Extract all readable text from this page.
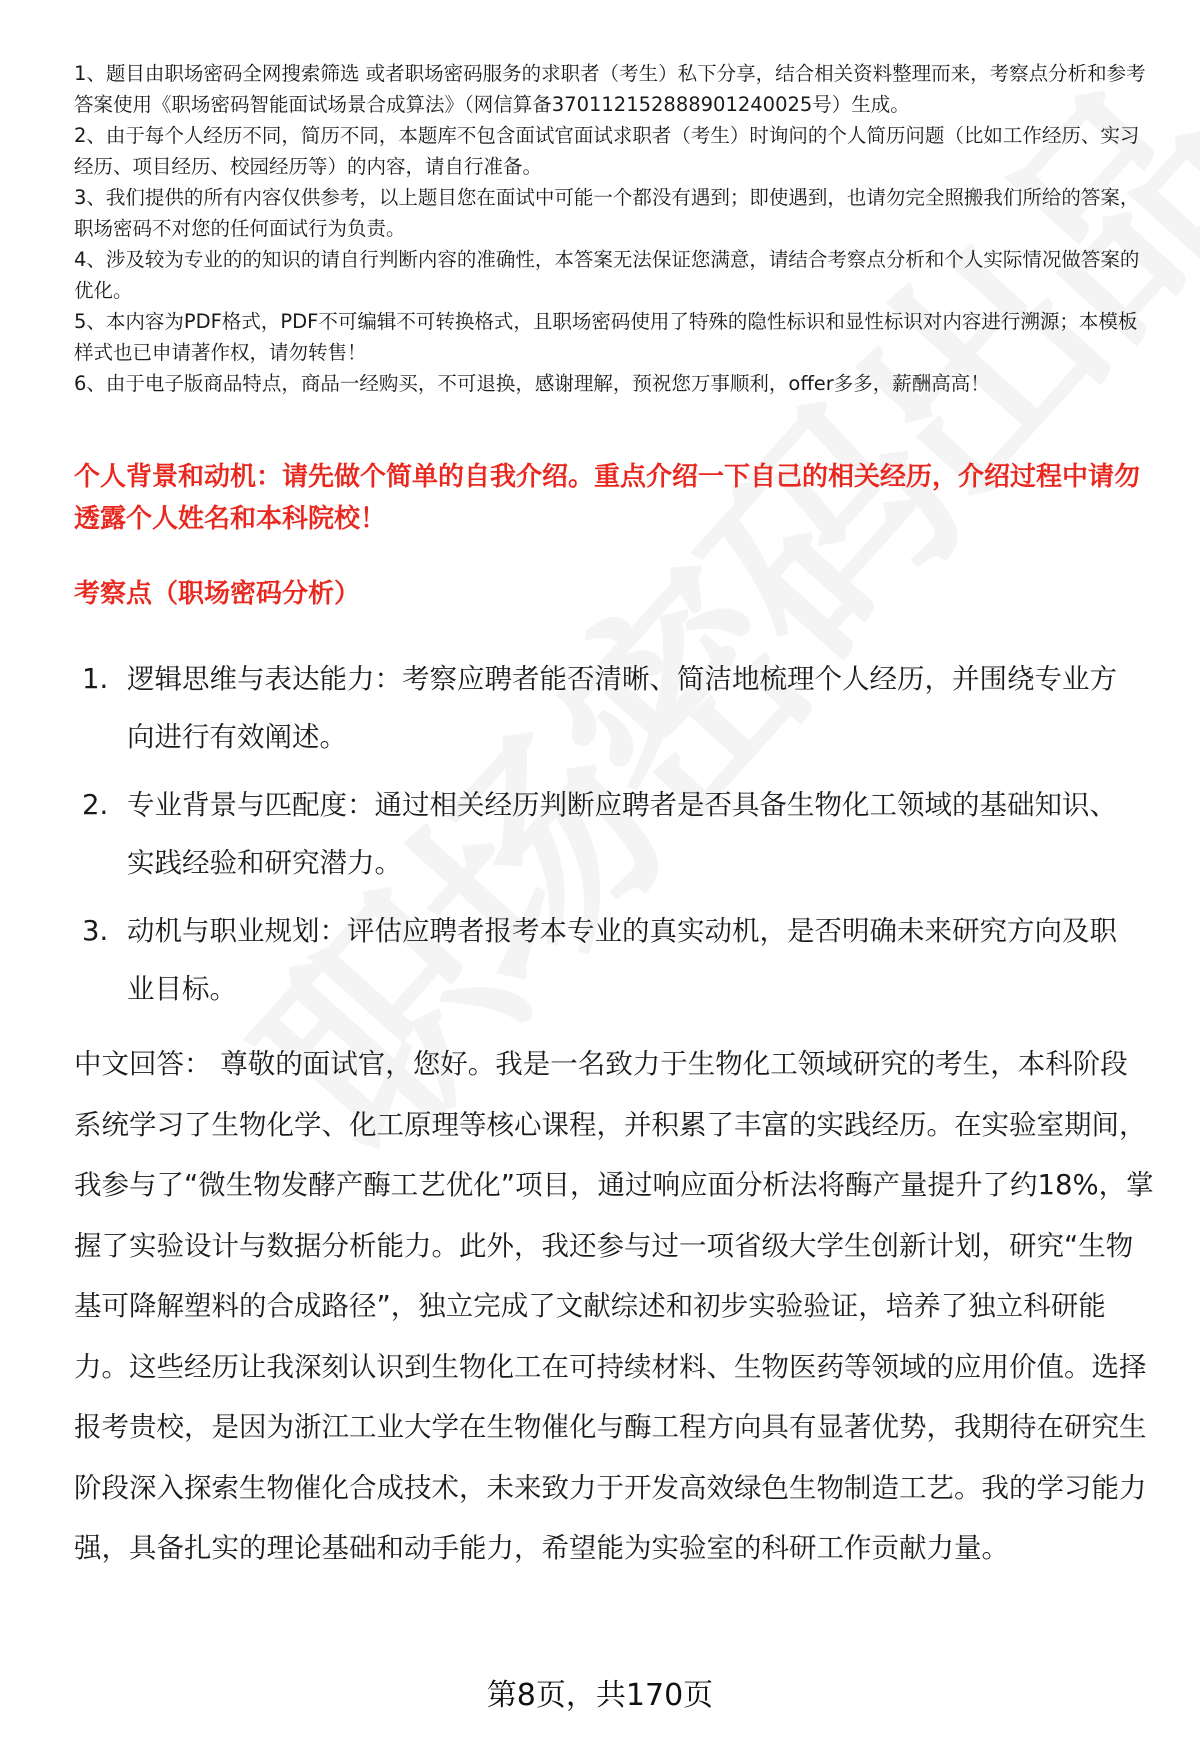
1、题目由职场密码全网搜索筛选 或者职场密码服务的求职者（考生）私下分享，结合相关资料整理而来，考察点分析和参考答案使用《职场密码智能面试场景合成算法》（网信算备370112152888901240025号）生成。
2、由于每个人经历不同，简历不同，本题库不包含面试官面试求职者（考生）时询问的个人简历问题（比如工作经历、实习经历、项目经历、校园经历等）的内容，请自行准备。
3、我们提供的所有内容仅供参考，以上题目您在面试中可能一个都没有遇到；即使遇到，也请勿完全照搬我们所给的答案，职场密码不对您的任何面试行为负责。
4、涉及较为专业的的知识的请自行判断内容的准确性，本答案无法保证您满意，请结合考察点分析和个人实际情况做答案的优化。
5、本内容为PDF格式，PDF不可编辑不可转换格式，且职场密码使用了特殊的隐性标识和显性标识对内容进行溯源；本模板样式也已申请著作权，请勿转售！
6、由于电子版商品特点，商品一经购买，不可退换，感谢理解，预祝您万事顺利，offer多多，薪酬高高！
个人背景和动机：请先做个简单的自我介绍。重点介绍一下自己的相关经历，介绍过程中请勿透露个人姓名和本科院校！
考察点（职场密码分析）
1. 逻辑思维与表达能力：考察应聘者能否清晰、简洁地梳理个人经历，并围绕专业方向进行有效阐述。
2. 专业背景与匹配度：通过相关经历判断应聘者是否具备生物化工领域的基础知识、实践经验和研究潜力。
3. 动机与职业规划：评估应聘者报考本专业的真实动机，是否明确未来研究方向及职业目标。

中文回答： 尊敬的面试官，您好。我是一名致力于生物化工领域研究的考生，本科阶段系统学习了生物化学、化工原理等核心课程，并积累了丰富的实践经历。在实验室期间，我参与了“微生物发酵产酶工艺优化”项目，通过响应面分析法将酶产量提升了约18%，掌握了实验设计与数据分析能力。此外，我还参与过一项省级大学生创新计划，研究“生物基可降解塑料的合成路径”，独立完成了文献综述和初步实验验证，培养了独立科研能力。这些经历让我深刻认识到生物化工在可持续材料、生物医药等领域的应用价值。选择报考贵校，是因为浙江工业大学在生物催化与酶工程方向具有显著优势，我期待在研究生阶段深入探索生物催化合成技术，未来致力于开发高效绿色生物制造工艺。我的学习能力强，具备扎实的理论基础和动手能力，希望能为实验室的科研工作贡献力量。

第8页，共170页
